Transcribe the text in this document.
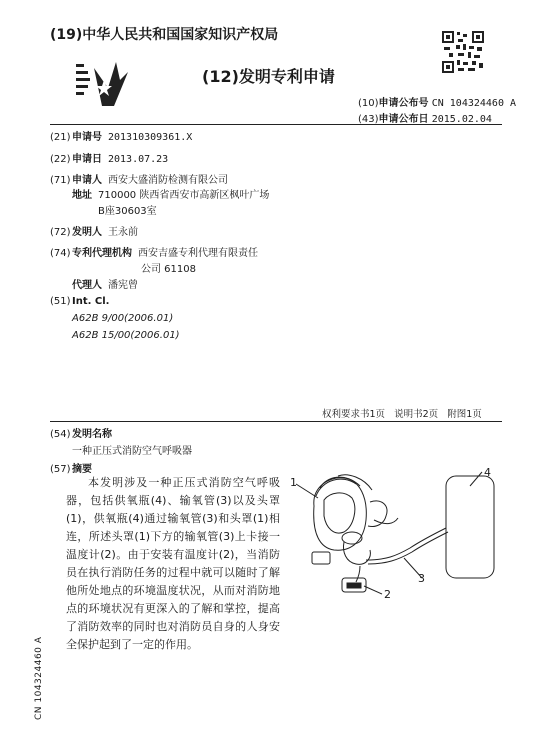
(19)中华人民共和国国家知识产权局
(12)发明专利申请
(10)申请公布号 CN 104324460 A
(43)申请公布日 2015.02.04
(21)申请号 201310309361.X
(22)申请日 2013.07.23
(71)申请人 西安大盛消防检测有限公司
地址 710000 陕西省西安市高新区枫叶广场
B座30603室
(72)发明人 王永前
(74)专利代理机构 西安吉盛专利代理有限责任
公司 61108
代理人 潘宪曾
(51)Int. Cl.
A62B 9/00(2006.01)
A62B 15/00(2006.01)
权利要求书1页   说明书2页   附图1页
(54)发明名称
一种正压式消防空气呼吸器
(57)摘要

本发明涉及一种正压式消防空气呼吸器，包括供氧瓶(4)、输氧管(3)以及头罩(1)，供氧瓶(4)通过输氧管(3)和头罩(1)相连，所述头罩(1)下方的输氧管(3)上卡接一温度计(2)。由于安装有温度计(2)，当消防员在执行消防任务的过程中就可以随时了解他所处地点的环境温度状况，从而对消防地点的环境状况有更深入的了解和掌控，提高了消防效率的同时也对消防员自身的人身安全保护起到了一定的作用。

1
2
3
4
CN 104324460 A
